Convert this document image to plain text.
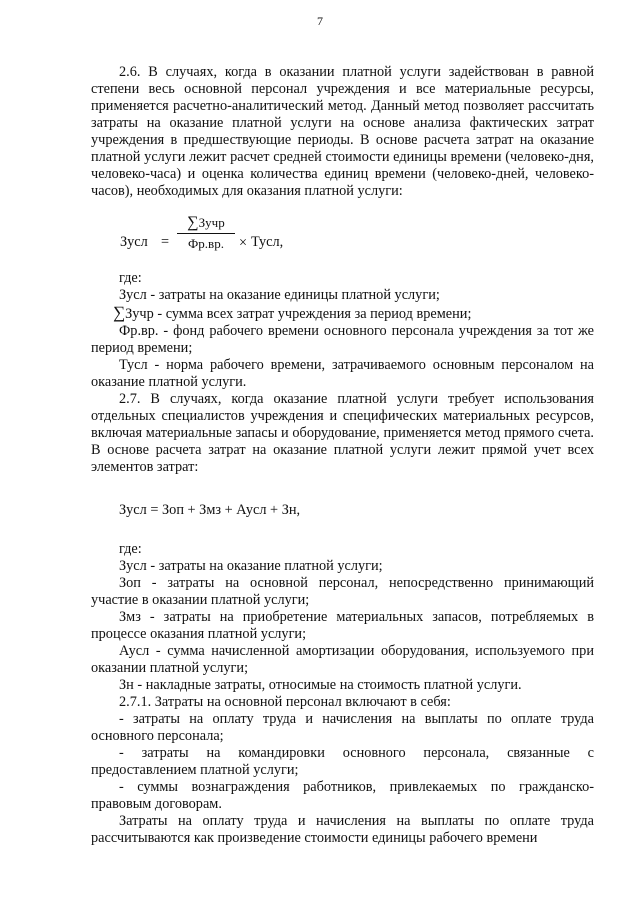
7

2.6. В случаях, когда в оказании платной услуги задействован в равной степени весь основной персонал учреждения и все материальные ресурсы, применяется расчетно-аналитический метод. Данный метод позволяет рассчитать затраты на оказание платной услуги на основе анализа фактических затрат учреждения в предшествующие периоды. В основе расчета затрат на оказание платной услуги лежит расчет средней стоимости единицы времени (человеко-дня, человеко-часа) и оценка количества единиц времени (человеко-дней, человеко-часов), необходимых для оказания платной услуги:

Зусл =
∑Зучр
Фр.вр.	× Тусл,

где:

Зусл - затраты на оказание единицы платной услуги;

∑Зучр - сумма всех затрат учреждения за период времени;

Фр.вр. - фонд рабочего времени основного персонала учреждения за тот же период времени;

Тусл - норма рабочего времени, затрачиваемого основным персоналом на оказание платной услуги.

2.7. В случаях, когда оказание платной услуги требует использования отдельных специалистов учреждения и специфических материальных ресурсов, включая материальные запасы и оборудование, применяется метод прямого счета. В основе расчета затрат на оказание платной услуги лежит прямой учет всех элементов затрат:

Зусл = Зоп + Змз + Аусл + Зн,

где:

Зусл - затраты на оказание платной услуги;

Зоп - затраты на основной персонал, непосредственно принимающий участие в оказании платной услуги;

Змз - затраты на приобретение материальных запасов, потребляемых в процессе оказания платной услуги;

Аусл - сумма начисленной амортизации оборудования, используемого при оказании платной услуги;

Зн - накладные затраты, относимые на стоимость платной услуги.

2.7.1. Затраты на основной персонал включают в себя:

- затраты на оплату труда и начисления на выплаты по оплате труда основного персонала;

- затраты на командировки основного персонала, связанные с предоставлением платной услуги;

- суммы вознаграждения работников, привлекаемых по гражданско-правовым договорам.

Затраты на оплату труда и начисления на выплаты по оплате труда рассчитываются как произведение стоимости единицы рабочего времени
